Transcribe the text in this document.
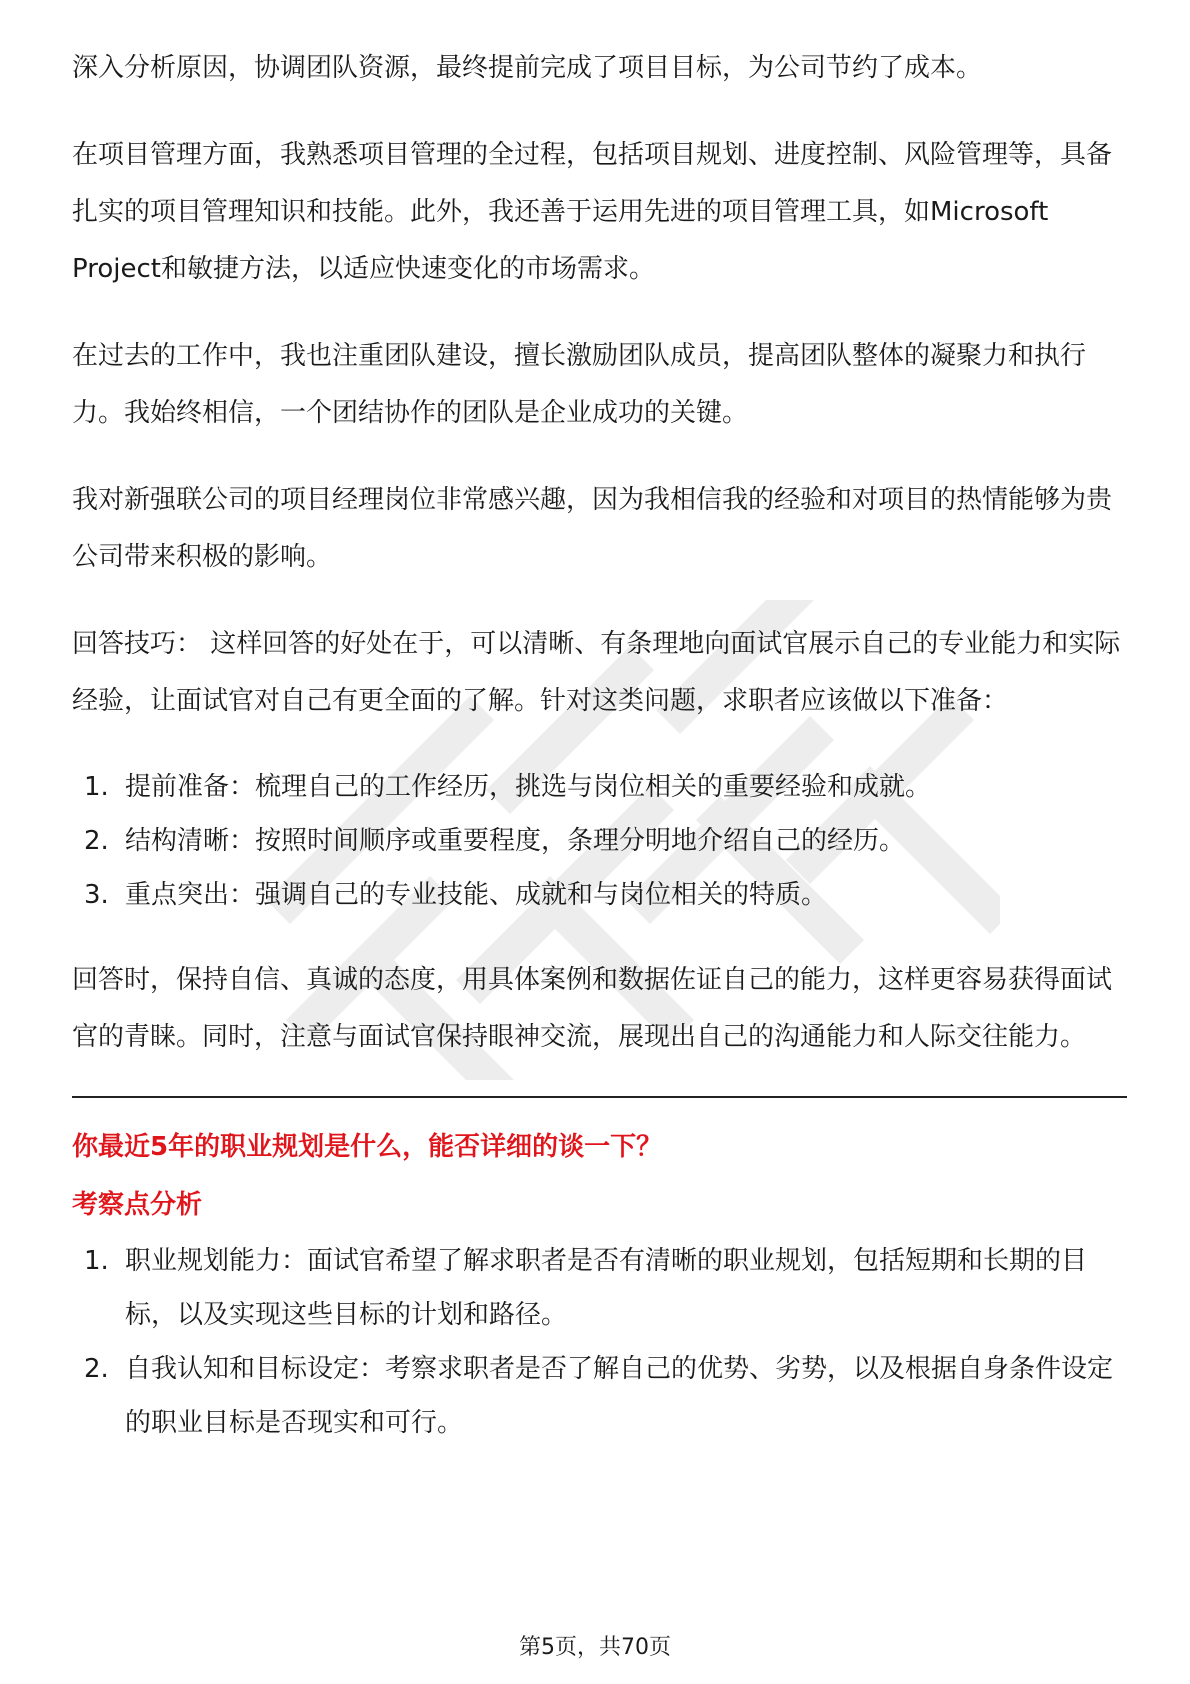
深入分析原因，协调团队资源，最终提前完成了项目目标，为公司节约了成本。

在项目管理方面，我熟悉项目管理的全过程，包括项目规划、进度控制、风险管理等，具备扎实的项目管理知识和技能。此外，我还善于运用先进的项目管理工具，如Microsoft Project和敏捷方法，以适应快速变化的市场需求。

在过去的工作中，我也注重团队建设，擅长激励团队成员，提高团队整体的凝聚力和执行力。我始终相信，一个团结协作的团队是企业成功的关键。

我对新强联公司的项目经理岗位非常感兴趣，因为我相信我的经验和对项目的热情能够为贵公司带来积极的影响。

回答技巧： 这样回答的好处在于，可以清晰、有条理地向面试官展示自己的专业能力和实际经验，让面试官对自己有更全面的了解。针对这类问题，求职者应该做以下准备：

1. 提前准备：梳理自己的工作经历，挑选与岗位相关的重要经验和成就。
2. 结构清晰：按照时间顺序或重要程度，条理分明地介绍自己的经历。
3. 重点突出：强调自己的专业技能、成就和与岗位相关的特质。

回答时，保持自信、真诚的态度，用具体案例和数据佐证自己的能力，这样更容易获得面试官的青睐。同时，注意与面试官保持眼神交流，展现出自己的沟通能力和人际交往能力。

你最近5年的职业规划是什么，能否详细的谈一下？

考察点分析

1. 职业规划能力：面试官希望了解求职者是否有清晰的职业规划，包括短期和长期的目标，以及实现这些目标的计划和路径。
2. 自我认知和目标设定：考察求职者是否了解自己的优势、劣势，以及根据自身条件设定的职业目标是否现实和可行。
第5页，共70页
